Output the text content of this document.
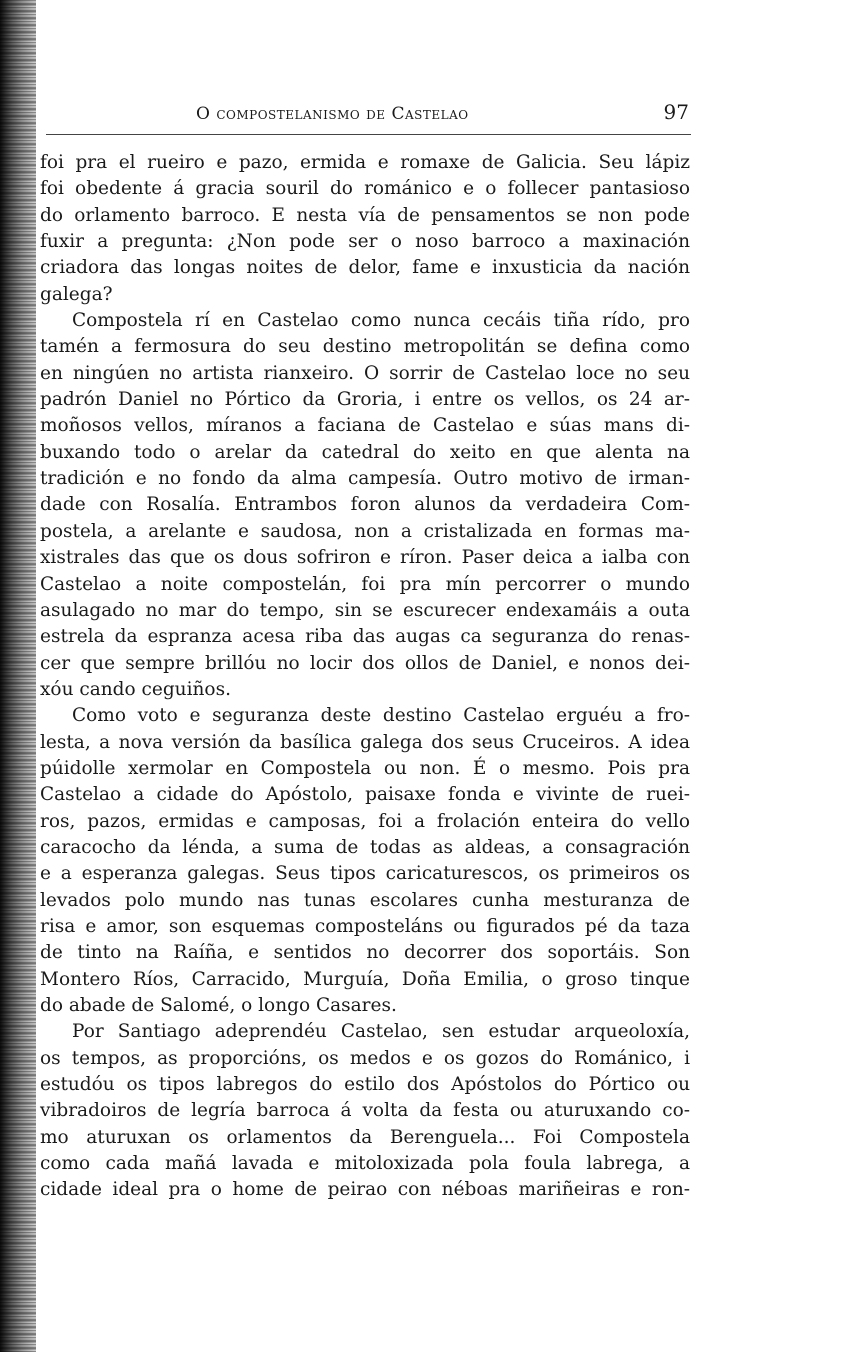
O compostelanismo de Castelao	97
foi pra el rueiro e pazo, ermida e romaxe de Galicia. Seu lápiz
foi obedente á gracia souril do románico e o follecer pantasioso
do orlamento barroco. E nesta vía de pensamentos se non pode
fuxir a pregunta: ¿Non pode ser o noso barroco a maxinación
criadora das longas noites de delor, fame e inxusticia da nación
galega?
Compostela rí en Castelao como nunca cecáis tiña rído, pro
tamén a fermosura do seu destino metropolitán se defina como
en ningúen no artista rianxeiro. O sorrir de Castelao loce no seu
padrón Daniel no Pórtico da Groria, i entre os vellos, os 24 ar-
moñosos vellos, míranos a faciana de Castelao e súas mans di-
buxando todo o arelar da catedral do xeito en que alenta na
tradición e no fondo da alma campesía. Outro motivo de irman-
dade con Rosalía. Entrambos foron alunos da verdadeira Com-
postela, a arelante e saudosa, non a cristalizada en formas ma-
xistrales das que os dous sofriron e ríron. Paser deica a ialba con
Castelao a noite compostelán, foi pra mín percorrer o mundo
asulagado no mar do tempo, sin se escurecer endexamáis a outa
estrela da espranza acesa riba das augas ca seguranza do renas-
cer que sempre brillóu no locir dos ollos de Daniel, e nonos dei-
xóu cando ceguiños.
Como voto e seguranza deste destino Castelao erguéu a fro-
lesta, a nova versión da basílica galega dos seus Cruceiros. A idea
púidolle xermolar en Compostela ou non. É o mesmo. Pois pra
Castelao a cidade do Apóstolo, paisaxe fonda e vivinte de ruei-
ros, pazos, ermidas e camposas, foi a frolación enteira do vello
caracocho da lénda, a suma de todas as aldeas, a consagración
e a esperanza galegas. Seus tipos caricaturescos, os primeiros os
levados polo mundo nas tunas escolares cunha mesturanza de
risa e amor, son esquemas composteláns ou figurados pé da taza
de tinto na Raíña, e sentidos no decorrer dos soportáis. Son
Montero Ríos, Carracido, Murguía, Doña Emilia, o groso tinque
do abade de Salomé, o longo Casares.
Por Santiago adeprendéu Castelao, sen estudar arqueoloxía,
os tempos, as proporcións, os medos e os gozos do Románico, i
estudóu os tipos labregos do estilo dos Apóstolos do Pórtico ou
vibradoiros de legría barroca á volta da festa ou aturuxando co-
mo aturuxan os orlamentos da Berenguela... Foi Compostela
como cada mañá lavada e mitoloxizada pola foula labrega, a
cidade ideal pra o home de peirao con néboas mariñeiras e ron-
